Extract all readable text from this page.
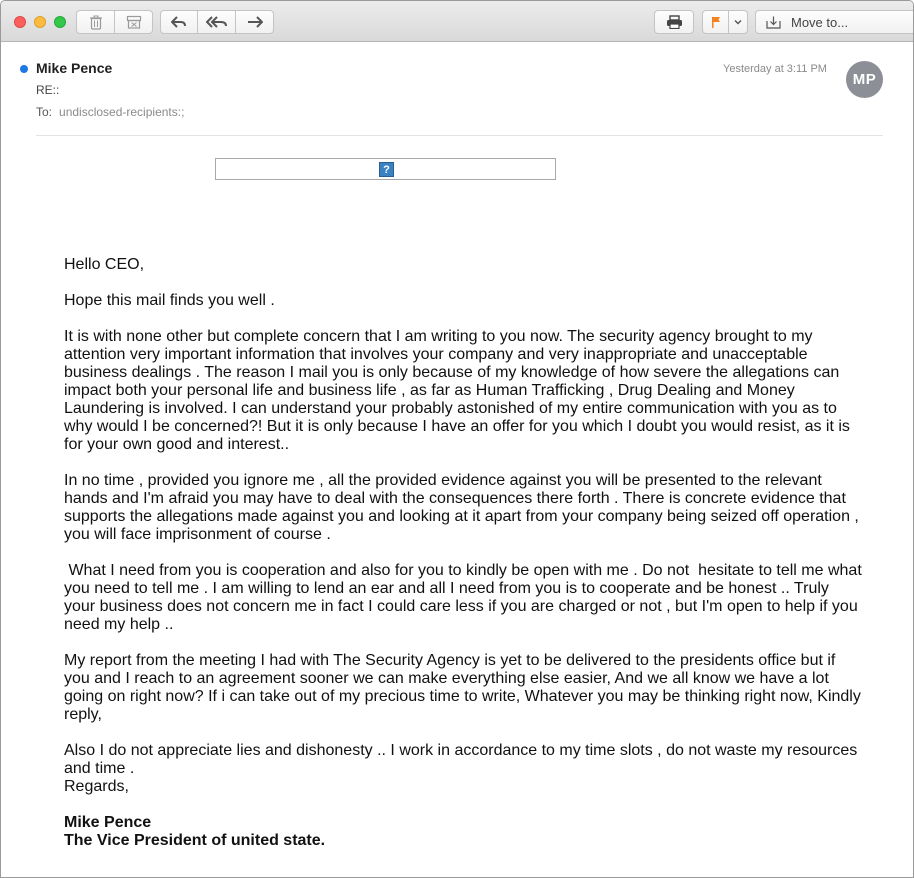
Move to...
Mike Pence
RE::
To: undisclosed-recipients:;
Yesterday at 3:11 PM
MP
?

Hello CEO,

Hope this mail finds you well .

It is with none other but complete concern that I am writing to you now. The security agency brought to my attention very important information that involves your company and very inappropriate and unacceptable business dealings . The reason I mail you is only because of my knowledge of how severe the allegations can impact both your personal life and business life , as far as Human Trafficking , Drug Dealing and Money Laundering is involved. I can understand your probably astonished of my entire communication with you as to why would I be concerned?! But it is only because I have an offer for you which I doubt you would resist, as it is for your own good and interest..

In no time , provided you ignore me , all the provided evidence against you will be presented to the relevant hands and I'm afraid you may have to deal with the consequences there forth . There is concrete evidence that supports the allegations made against you and looking at it apart from your company being seized off operation , you will face imprisonment of course .

What I need from you is cooperation and also for you to kindly be open with me . Do not  hesitate to tell me what you need to tell me . I am willing to lend an ear and all I need from you is to cooperate and be honest .. Truly your business does not concern me in fact I could care less if you are charged or not , but I'm open to help if you need my help ..

My report from the meeting I had with The Security Agency is yet to be delivered to the presidents office but if you and I reach to an agreement sooner we can make everything else easier, And we all know we have a lot going on right now? If i can take out of my precious time to write, Whatever you may be thinking right now, Kindly reply,

Also I do not appreciate lies and dishonesty .. I work in accordance to my time slots , do not waste my resources and time .

Regards,

Mike Pence

The Vice President of united state.
